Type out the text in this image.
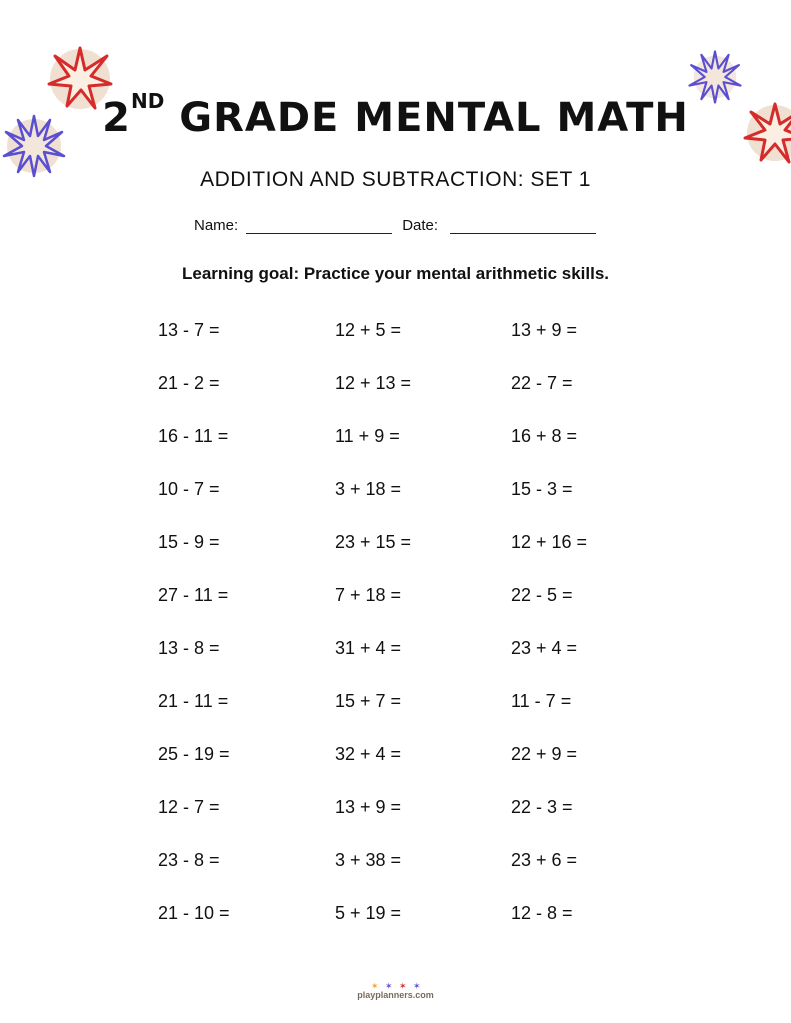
2ND GRADE MENTAL MATH
ADDITION AND SUBTRACTION: SET 1
Name:	Date:
Learning goal: Practice your mental arithmetic skills.
13 - 7 =
21 - 2 =
16 - 11 =
10 - 7 =
15 - 9 =
27 - 11 =
13 - 8 =
21 - 11 =
25 - 19 =
12 - 7 =
23 - 8 =
21 - 10 =
12 + 5 =
12 + 13 =
11 + 9 =
3 + 18 =
23 + 15 =
7 + 18 =
31 + 4 =
15 + 7 =
32 + 4 =
13 + 9 =
3 + 38 =
5 + 19 =
13 + 9 =
22 - 7 =
16 + 8 =
15 - 3 =
12 + 16 =
22 - 5 =
23 + 4 =
11 - 7 =
22 + 9 =
22 - 3 =
23 + 6 =
12 - 8 =
✶ ✶ ✶ ✶
playplanners.com
